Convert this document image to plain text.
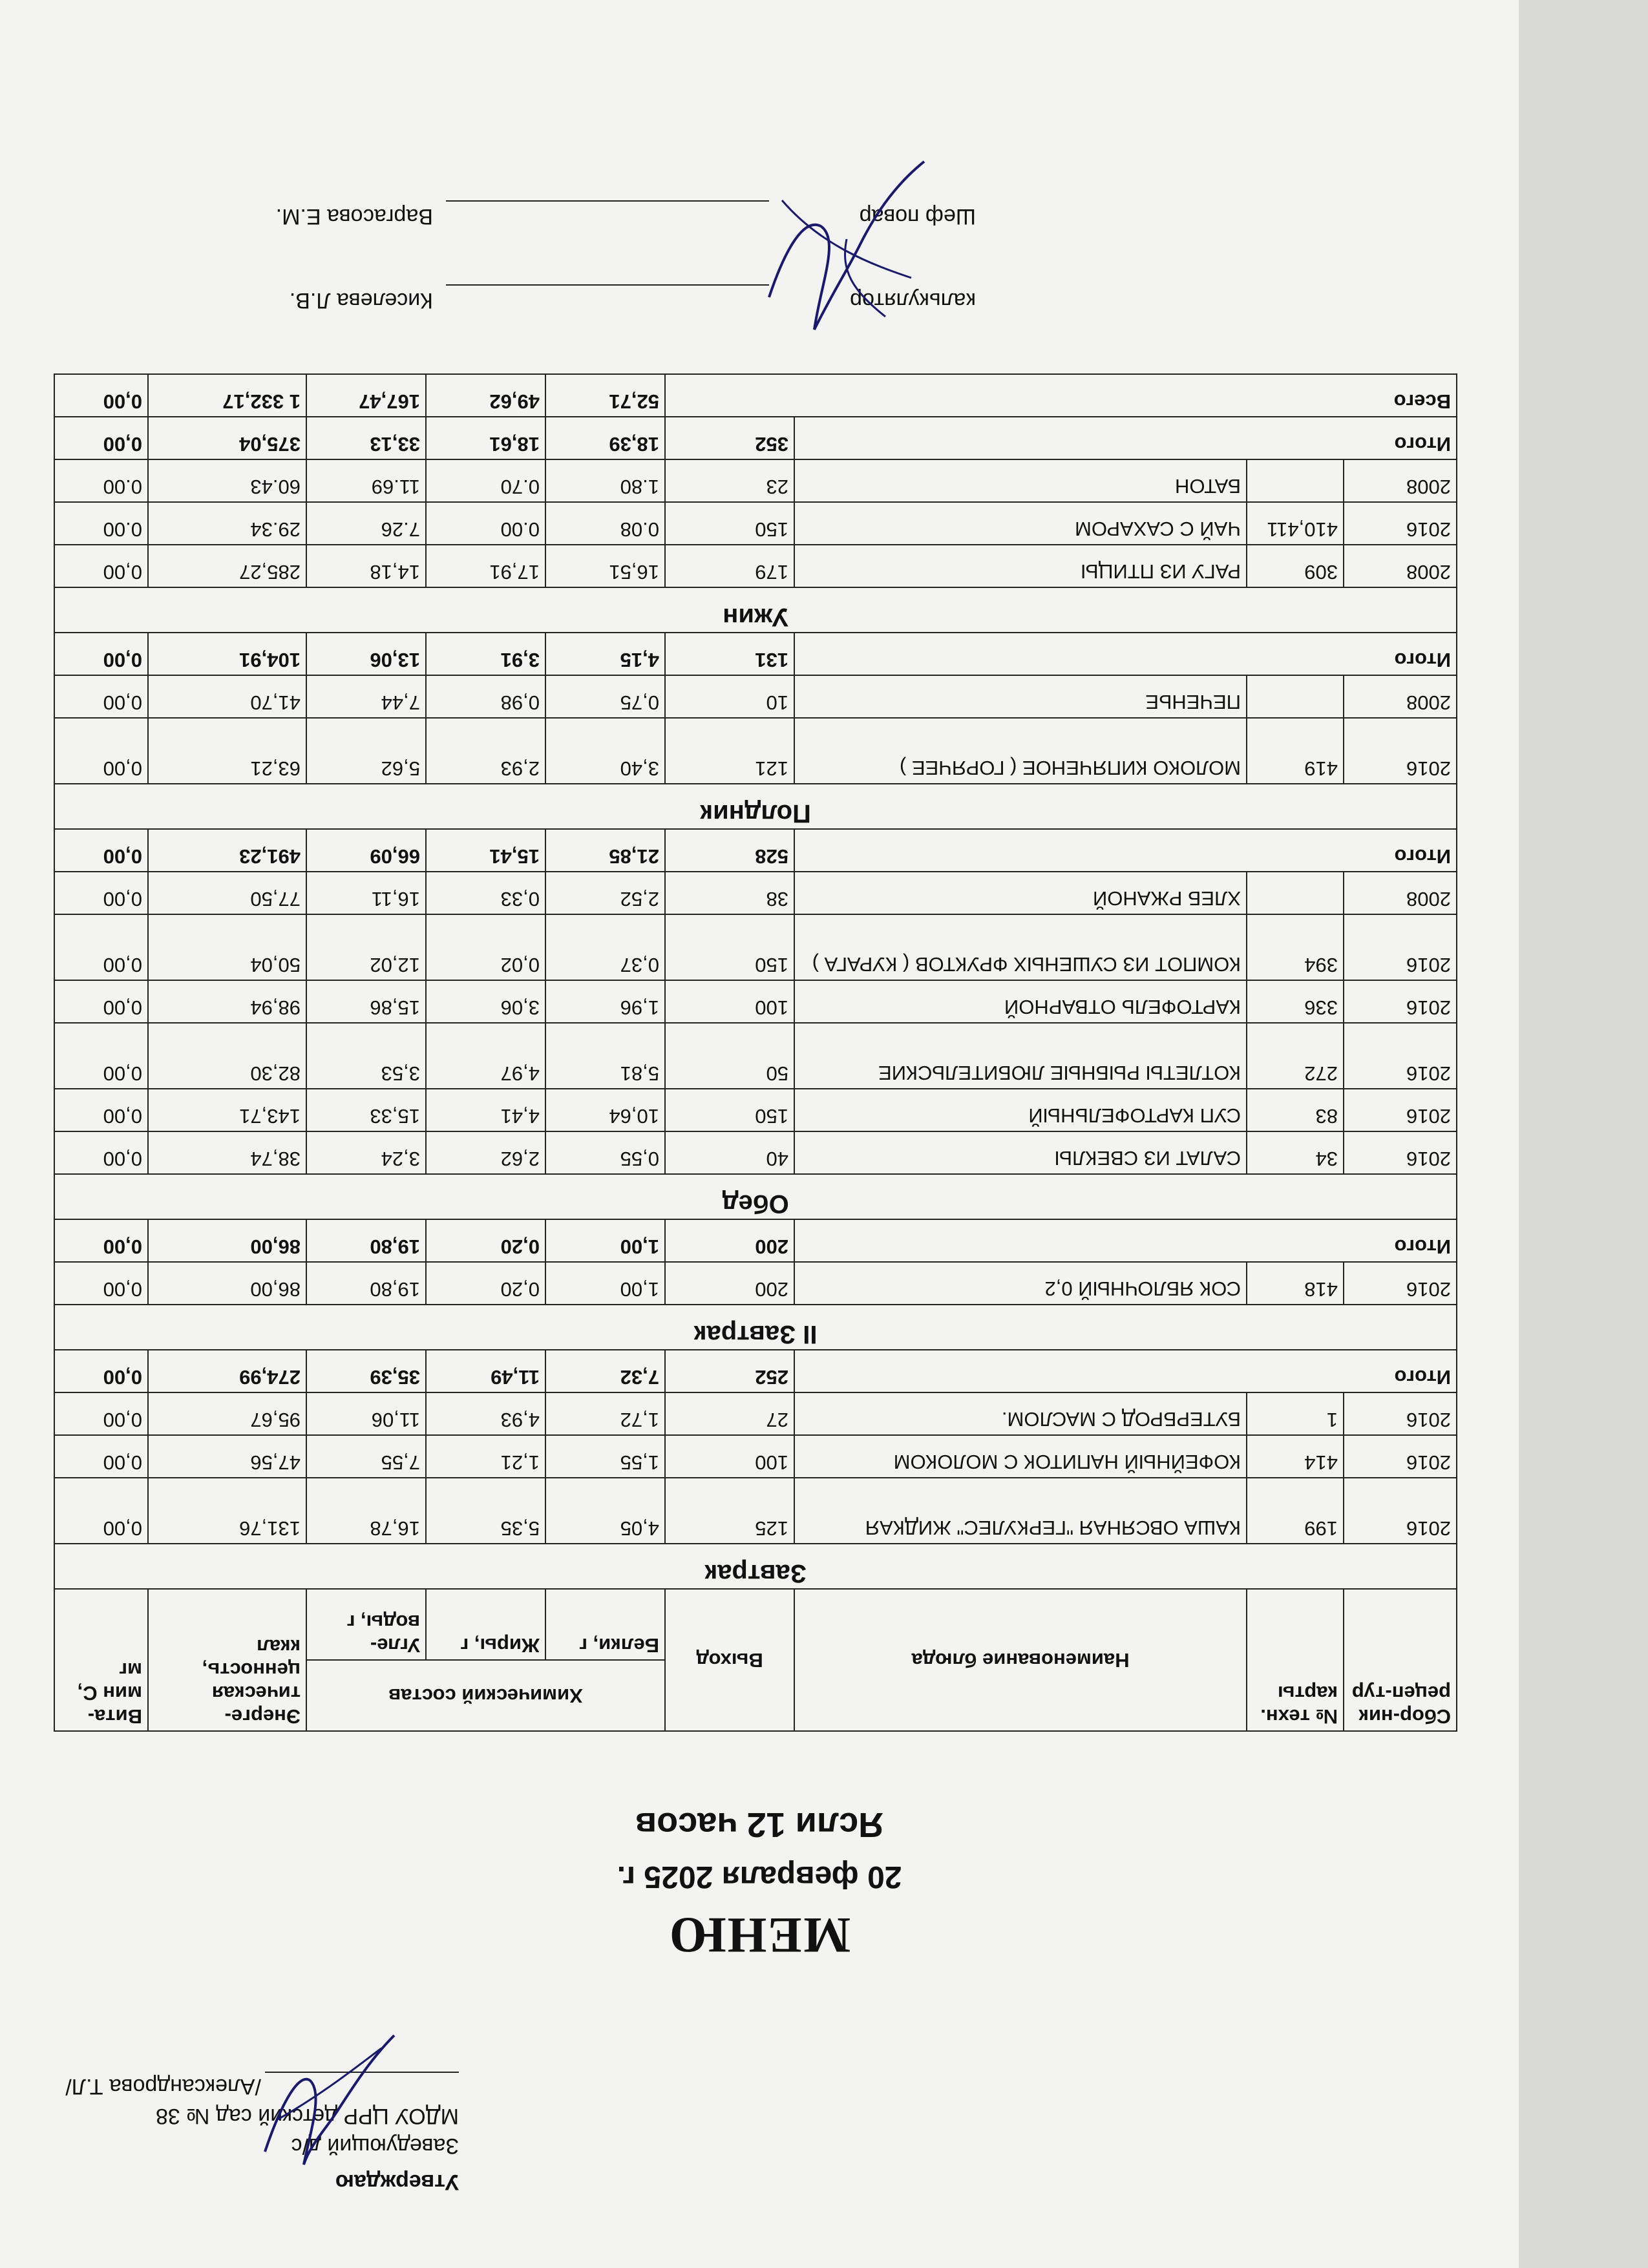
Утверждаю
Заведующий д/с
МДОУ ЦРР детский сад № 38
/Александрова Т.Л/
МЕНЮ
20 февраля 2025 г.
Ясли 12 часов
Сбор-ник рецеп-тур	№ техн. карты	Наименование блюда	Выход	Химический состав			Энерге-тическая ценность, ккал	Вита-мин С, мг
				Белки, г	Жиры, г	Угле-воды, г		
Завтрак								
2016	199	КАША ОВСЯНАЯ "ГЕРКУЛЕС" ЖИДКАЯ	125	4,05	5,35	16,78	131,76	0,00
2016	414	КОФЕЙНЫЙ НАПИТОК С МОЛОКОМ	100	1,55	1,21	7,55	47,56	0,00
2016	1	БУТЕРБРОД С МАСЛОМ.	27	1,72	4,93	11,06	95,67	0,00
Итого			252	7,32	11,49	35,39	274,99	0,00
II Завтрак								
2016	418	СОК ЯБЛОЧНЫЙ 0,2	200	1,00	0,20	19,80	86,00	0,00
Итого			200	1,00	0,20	19,80	86,00	0,00
Обед								
2016	34	САЛАТ ИЗ СВЕКЛЫ	40	0,55	2,62	3,24	38,74	0,00
2016	83	СУП КАРТОФЕЛЬНЫЙ	150	10,64	4,41	15,33	143,71	0,00
2016	272	КОТЛЕТЫ РЫБНЫЕ ЛЮБИТЕЛЬСКИЕ	50	5,81	4,97	3,53	82,30	0,00
2016	336	КАРТОФЕЛЬ ОТВАРНОЙ	100	1,96	3,06	15,86	98,94	0,00
2016	394	КОМПОТ ИЗ СУШЕНЫХ ФРУКТОВ ( КУРАГА )	150	0,37	0,02	12,02	50,04	0,00
2008		ХЛЕБ РЖАНОЙ	38	2,52	0,33	16,11	77,50	0,00
Итого			528	21,85	15,41	66,09	491,23	0,00
Полдник								
2016	419	МОЛОКО КИПЯЧЕНОЕ ( ГОРЯЧЕЕ )	121	3,40	2,93	5,62	63,21	0,00
2008		ПЕЧЕНЬЕ	10	0,75	0,98	7,44	41,70	0,00
Итого			131	4,15	3,91	13,06	104,91	0,00
Ужин								
2008	309	РАГУ ИЗ ПТИЦЫ	179	16,51	17,91	14,18	285,27	0,00
2016	410,411	ЧАЙ С САХАРОМ	150	0.08	0.00	7.26	29.34	0.00
2008		БАТОН	23	1.80	0.70	11.69	60.43	0.00
Итого			352	18,39	18,61	33,13	375,04	0,00
Всего				52,71	49,62	167,47	1 332,17	0,00
кальк​улятор
Киселева Л.В.
Шеф повар
Варгасова Е.М.
